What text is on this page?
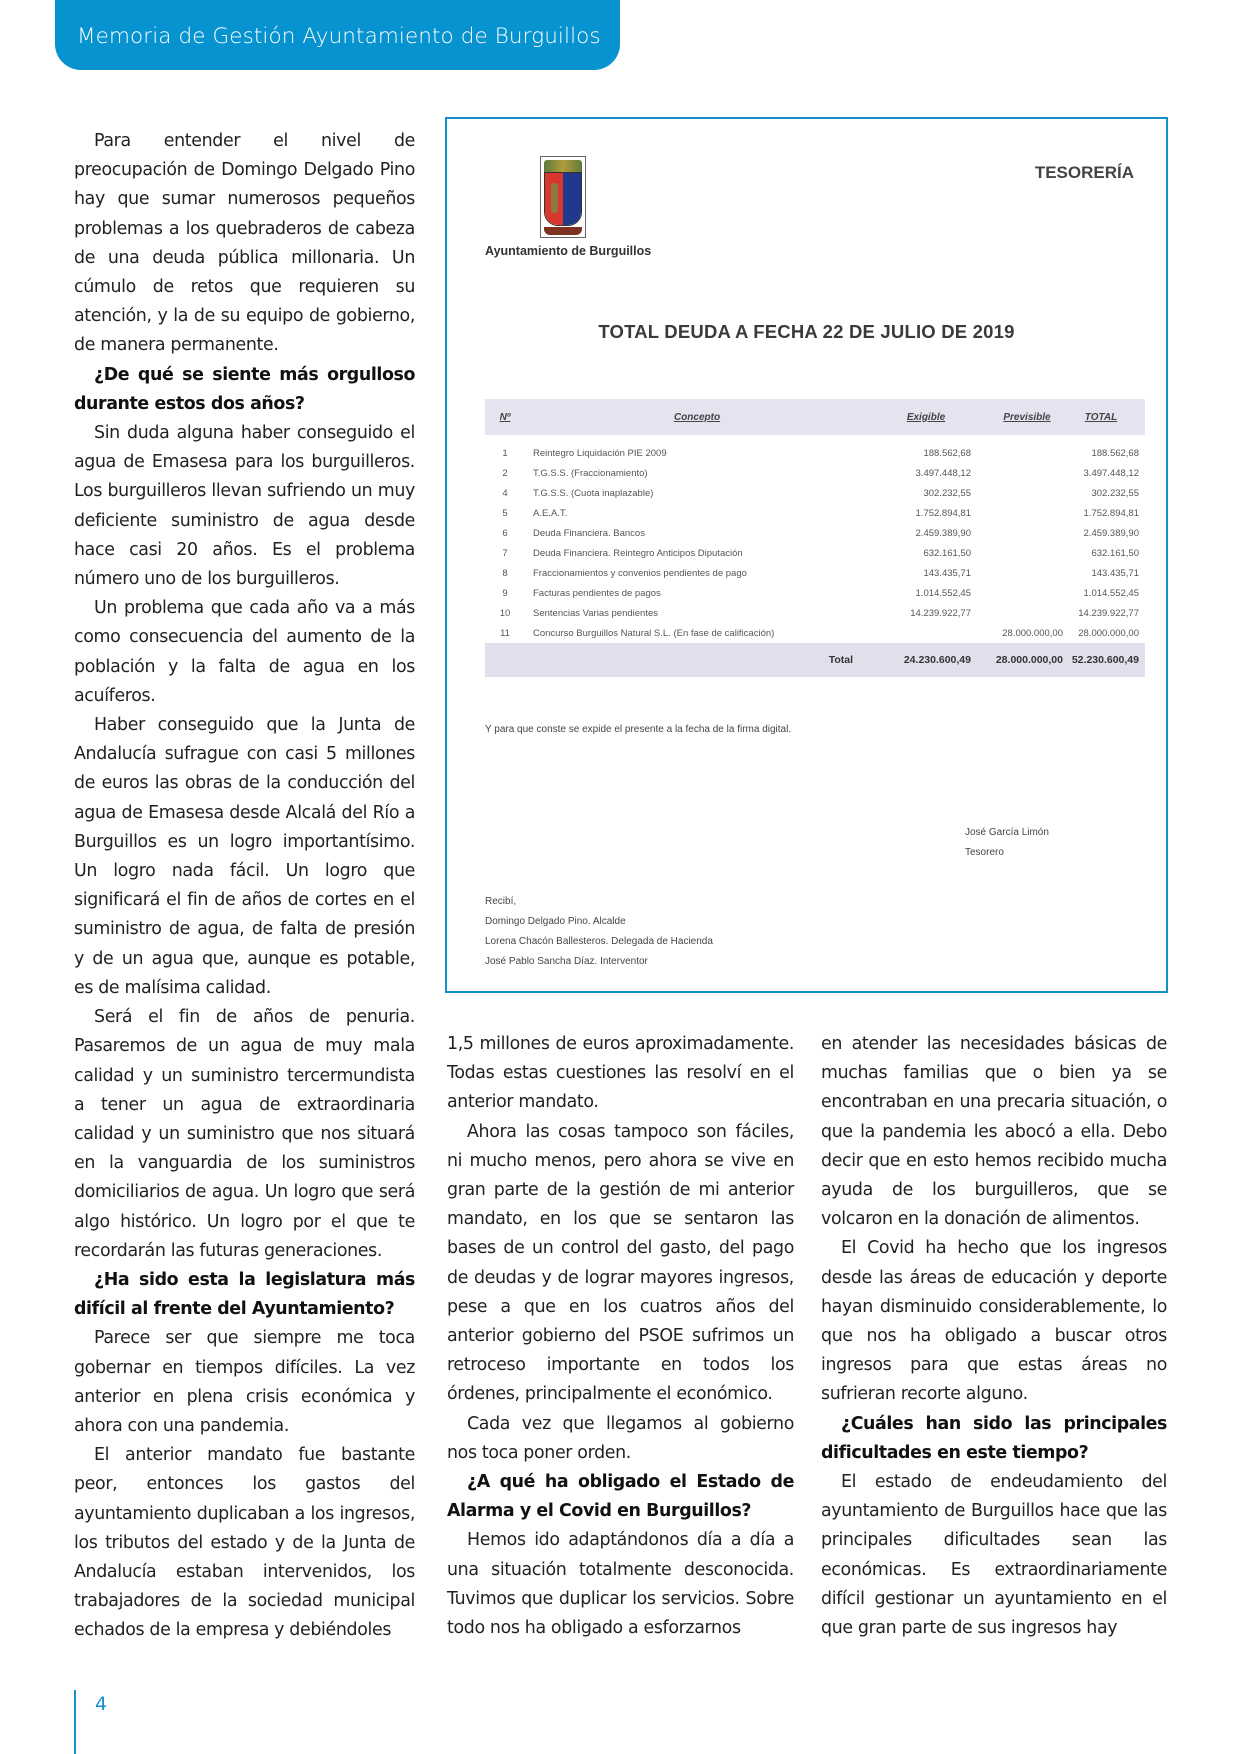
Memoria de Gestión Ayuntamiento de Burguillos

Para entender el nivel de preocupación de Domingo Delgado Pino hay que sumar numerosos pequeños problemas a los quebraderos de cabeza de una deuda pública millonaria. Un cúmulo de retos que requieren su atención, y la de su equipo de gobierno, de manera permanente.

¿De qué se siente más orgulloso durante estos dos años?

Sin duda alguna haber conseguido el agua de Emasesa para los burguilleros. Los burguilleros llevan sufriendo un muy deficiente suministro de agua desde hace casi 20 años. Es el problema número uno de los burguilleros.

Un problema que cada año va a más como consecuencia del aumento de la población y la falta de agua en los acuíferos.

Haber conseguido que la Junta de Andalucía sufrague con casi 5 millones de euros las obras de la conducción del agua de Emasesa desde Alcalá del Río a Burguillos es un logro importantísimo. Un logro nada fácil. Un logro que significará el fin de años de cortes en el suministro de agua, de falta de presión y de un agua que, aunque es potable, es de malísima calidad.

Será el fin de años de penuria. Pasaremos de un agua de muy mala calidad y un suministro tercermundista a tener un agua de extraordinaria calidad y un suministro que nos situará en la vanguardia de los suministros domiciliarios de agua. Un logro que será algo histórico. Un logro por el que te recordarán las futuras generaciones.

¿Ha sido esta la legislatura más difícil al frente del Ayuntamiento?

Parece ser que siempre me toca gobernar en tiempos difíciles. La vez anterior en plena crisis económica y ahora con una pandemia.

El anterior mandato fue bastante peor, entonces los gastos del ayuntamiento duplicaban a los ingresos, los tributos del estado y de la Junta de Andalucía estaban intervenidos, los trabajadores de la sociedad municipal echados de la empresa y debiéndoles

Ayuntamiento de Burguillos
TESORERÍA
TOTAL DEUDA A FECHA 22 DE JULIO DE 2019
Nº	Concepto	Exigible	Previsible	TOTAL

1	Reintegro Liquidación PIE 2009	188.562,68		188.562,68
2	T.G.S.S. (Fraccionamiento)	3.497.448,12		3.497.448,12
4	T.G.S.S. (Cuota inaplazable)	302.232,55		302.232,55
5	A.E.A.T.	1.752.894,81		1.752.894,81
6	Deuda Financiera. Bancos	2.459.389,90		2.459.389,90
7	Deuda Financiera. Reintegro Anticipos Diputación	632.161,50		632.161,50
8	Fraccionamientos y convenios pendientes de pago	143.435,71		143.435,71
9	Facturas pendientes de pagos	1.014.552,45		1.014.552,45
10	Sentencias Varias pendientes	14.239.922,77		14.239.922,77
11	Concurso Burguillos Natural S.L. (En fase de calificación)		28.000.000,00	28.000.000,00
	Total	24.230.600,49	28.000.000,00	52.230.600,49
Y para que conste se expide el presente a la fecha de la firma digital.
José García Limón
Tesorero
Recibí,
Domingo Delgado Pino. Alcalde
Lorena Chacón Ballesteros. Delegada de Hacienda
José Pablo Sancha Díaz. Interventor

1,5 millones de euros aproximadamente. Todas estas cuestiones las resolví en el anterior mandato.

Ahora las cosas tampoco son fáciles, ni mucho menos, pero ahora se vive en gran parte de la gestión de mi anterior mandato, en los que se sentaron las bases de un control del gasto, del pago de deudas y de lograr mayores ingresos, pese a que en los cuatros años del anterior gobierno del PSOE sufrimos un retroceso importante en todos los órdenes, principalmente el económico.

Cada vez que llegamos al gobierno nos toca poner orden.

¿A qué ha obligado el Estado de Alarma y el Covid en Burguillos?

Hemos ido adaptándonos día a día a una situación totalmente desconocida. Tuvimos que duplicar los servicios. Sobre todo nos ha obligado a esforzarnos

en atender las necesidades básicas de muchas familias que o bien ya se encontraban en una precaria situación, o que la pandemia les abocó a ella. Debo decir que en esto hemos recibido mucha ayuda de los burguilleros, que se volcaron en la donación de alimentos.

El Covid ha hecho que los ingresos desde las áreas de educación y deporte hayan disminuido considerablemente, lo que nos ha obligado a buscar otros ingresos para que estas áreas no sufrieran recorte alguno.

¿Cuáles han sido las principales dificultades en este tiempo?

El estado de endeudamiento del ayuntamiento de Burguillos hace que las principales dificultades sean las económicas. Es extraordinariamente difícil gestionar un ayuntamiento en el que gran parte de sus ingresos hay

4
